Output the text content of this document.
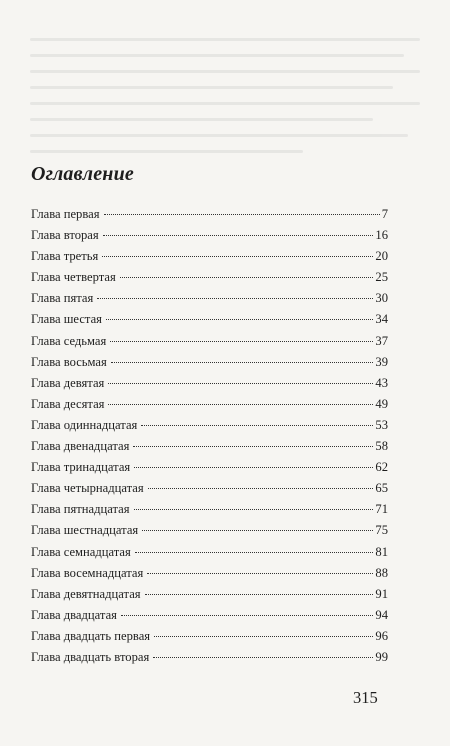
Оглавление
Глава первая	7
Глава вторая	16
Глава третья	20
Глава четвертая	25
Глава пятая	30
Глава шестая	34
Глава седьмая	37
Глава восьмая	39
Глава девятая	43
Глава десятая	49
Глава одиннадцатая	53
Глава двенадцатая	58
Глава тринадцатая	62
Глава четырнадцатая	65
Глава пятнадцатая	71
Глава шестнадцатая	75
Глава семнадцатая	81
Глава восемнадцатая	88
Глава девятнадцатая	91
Глава двадцатая	94
Глава двадцать первая	96
Глава двадцать вторая	99
315
